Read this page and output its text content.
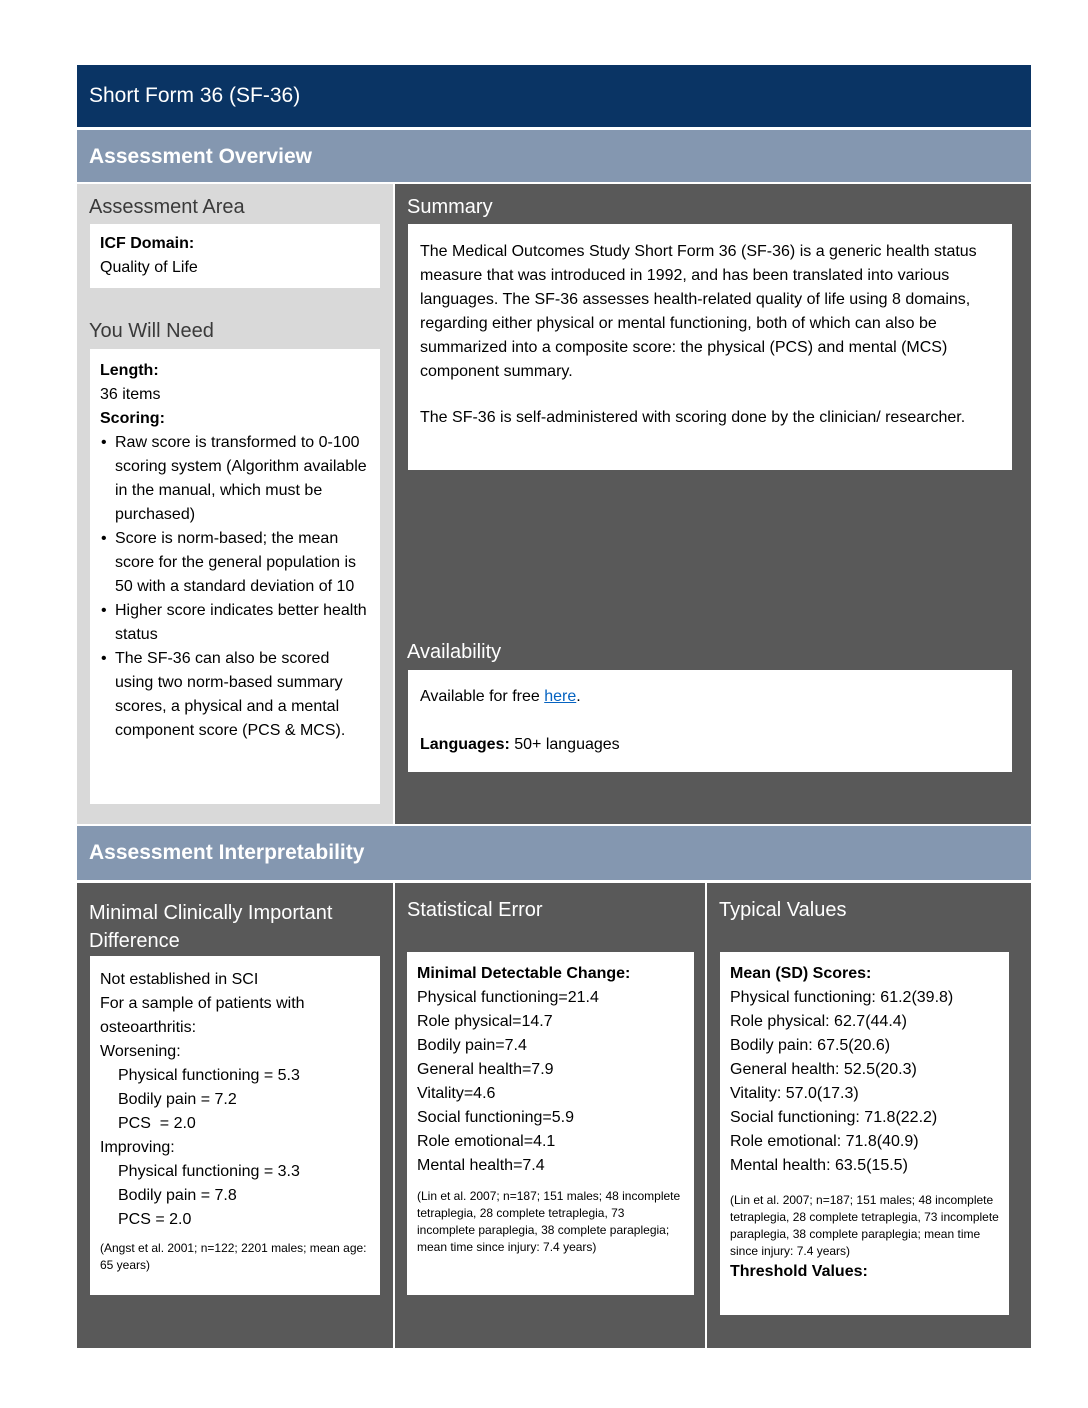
Short Form 36 (SF-36)
Assessment Overview
Assessment Area
ICF Domain:
Quality of Life
You Will Need
Length:
36 items
Scoring:
• Raw score is transformed to 0-100 scoring system (Algorithm available in the manual, which must be purchased)
• Score is norm-based; the mean score for the general population is 50 with a standard deviation of 10
• Higher score indicates better health status
• The SF-36 can also be scored using two norm-based summary scores, a physical and a mental component score (PCS & MCS).
Summary
The Medical Outcomes Study Short Form 36 (SF-36) is a generic health status measure that was introduced in 1992, and has been translated into various languages. The SF-36 assesses health-related quality of life using 8 domains, regarding either physical or mental functioning, both of which can also be summarized into a composite score: the physical (PCS) and mental (MCS) component summary.
The SF-36 is self-administered with scoring done by the clinician/ researcher.
Availability
Available for free here.
Languages: 50+ languages
Assessment Interpretability
Minimal Clinically Important Difference
Not established in SCI
For a sample of patients with osteoarthritis:
Worsening:
Physical functioning = 5.3
Bodily pain = 7.2
PCS  = 2.0
Improving:
Physical functioning = 3.3
Bodily pain = 7.8
PCS = 2.0
(Angst et al. 2001; n=122; 2201 males; mean age: 65 years)
Statistical Error
Minimal Detectable Change:
Physical functioning=21.4
Role physical=14.7
Bodily pain=7.4
General health=7.9
Vitality=4.6
Social functioning=5.9
Role emotional=4.1
Mental health=7.4
(Lin et al. 2007; n=187; 151 males; 48 incomplete tetraplegia, 28 complete tetraplegia, 73 incomplete paraplegia, 38 complete paraplegia; mean time since injury: 7.4 years)
Typical Values
Mean (SD) Scores:
Physical functioning: 61.2(39.8)
Role physical: 62.7(44.4)
Bodily pain: 67.5(20.6)
General health: 52.5(20.3)
Vitality: 57.0(17.3)
Social functioning: 71.8(22.2)
Role emotional: 71.8(40.9)
Mental health: 63.5(15.5)
(Lin et al. 2007; n=187; 151 males; 48 incomplete tetraplegia, 28 complete tetraplegia, 73 incomplete paraplegia, 38 complete paraplegia; mean time since injury: 7.4 years)
Threshold Values:
